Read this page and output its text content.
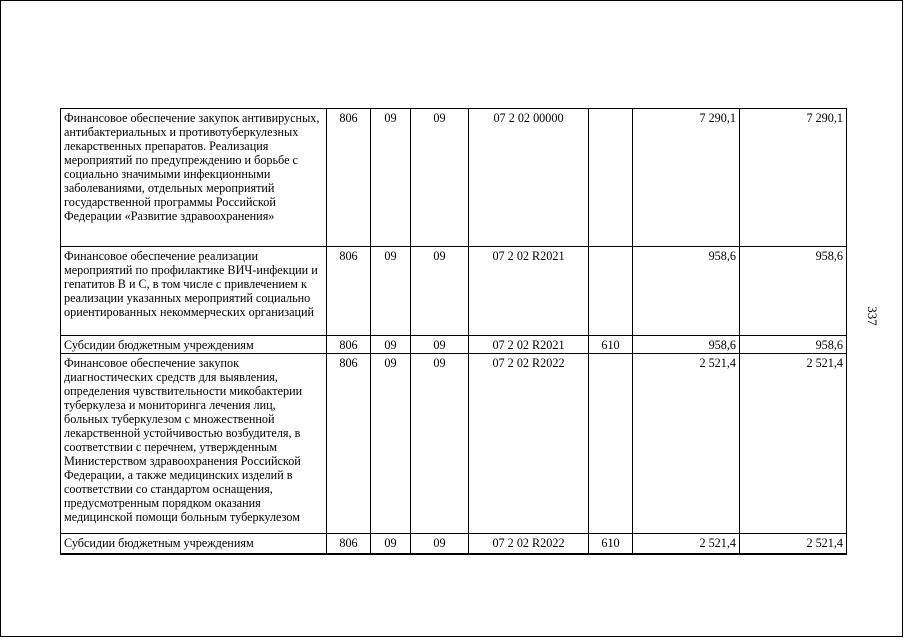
337
Финансовое обеспечение закупок антивирусных, антибактериальных и противотуберкулезных лекарственных препаратов. Реализация мероприятий по предупреждению и борьбе с социально значимыми инфекционными заболеваниями, отдельных мероприятий государственной программы Российской Федерации «Развитие здравоохранения»	806	09	09	07 2 02 00000		7 290,1	7 290,1
Финансовое обеспечение реализации мероприятий по профилактике ВИЧ-инфекции и гепатитов В и С, в том числе с привлечением к реализации указанных мероприятий социально ориентированных некоммерческих организаций	806	09	09	07 2 02 R2021		958,6	958,6
Субсидии бюджетным учреждениям	806	09	09	07 2 02 R2021	610	958,6	958,6
Финансовое обеспечение закупок диагностических средств для выявления, определения чувствительности микобактерии туберкулеза и мониторинга лечения лиц, больных туберкулезом с множественной лекарственной устойчивостью возбудителя, в соответствии с перечнем, утвержденным Министерством здравоохранения Российской Федерации, а также медицинских изделий в соответствии со стандартом оснащения, предусмотренным порядком оказания медицинской помощи больным туберкулезом	806	09	09	07 2 02 R2022		2 521,4	2 521,4
Субсидии бюджетным учреждениям	806	09	09	07 2 02 R2022	610	2 521,4	2 521,4
